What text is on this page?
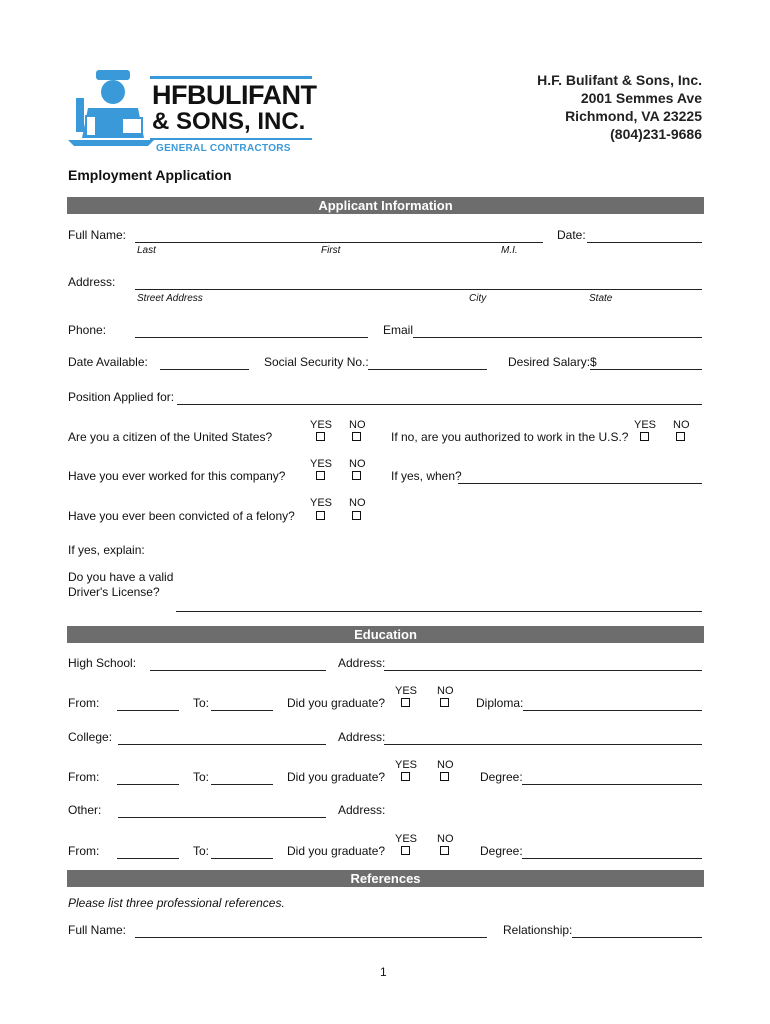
HFBULIFANT
& SONS, INC.
GENERAL CONTRACTORS
H.F. Bulifant & Sons, Inc.
2001 Semmes Ave
Richmond, VA 23225
(804)231-9686
Employment Application
Applicant Information
Full Name:	Date:
Last	First	M.I.
Address:
Street Address	City	State
Phone:	Email
Date Available:	Social Security No.:	Desired Salary:$
Position Applied for:
YES NO
Are you a citizen of the United States?
YES NO
If no, are you authorized to work in the U.S.?
YES NO
Have you ever worked for this company?	If yes, when?
YES NO
Have you ever been convicted of a felony?
If yes, explain:
Do you have a valid
Driver's License?
Education
High School:	Address:
YES NO
From:	To:	Did you graduate?	Diploma:
College:	Address:
YES NO
From:	To:	Did you graduate?	Degree:
Other:	Address:
YES NO
From:	To:	Did you graduate?	Degree:
References
Please list three professional references.
Full Name:	Relationship:
1
